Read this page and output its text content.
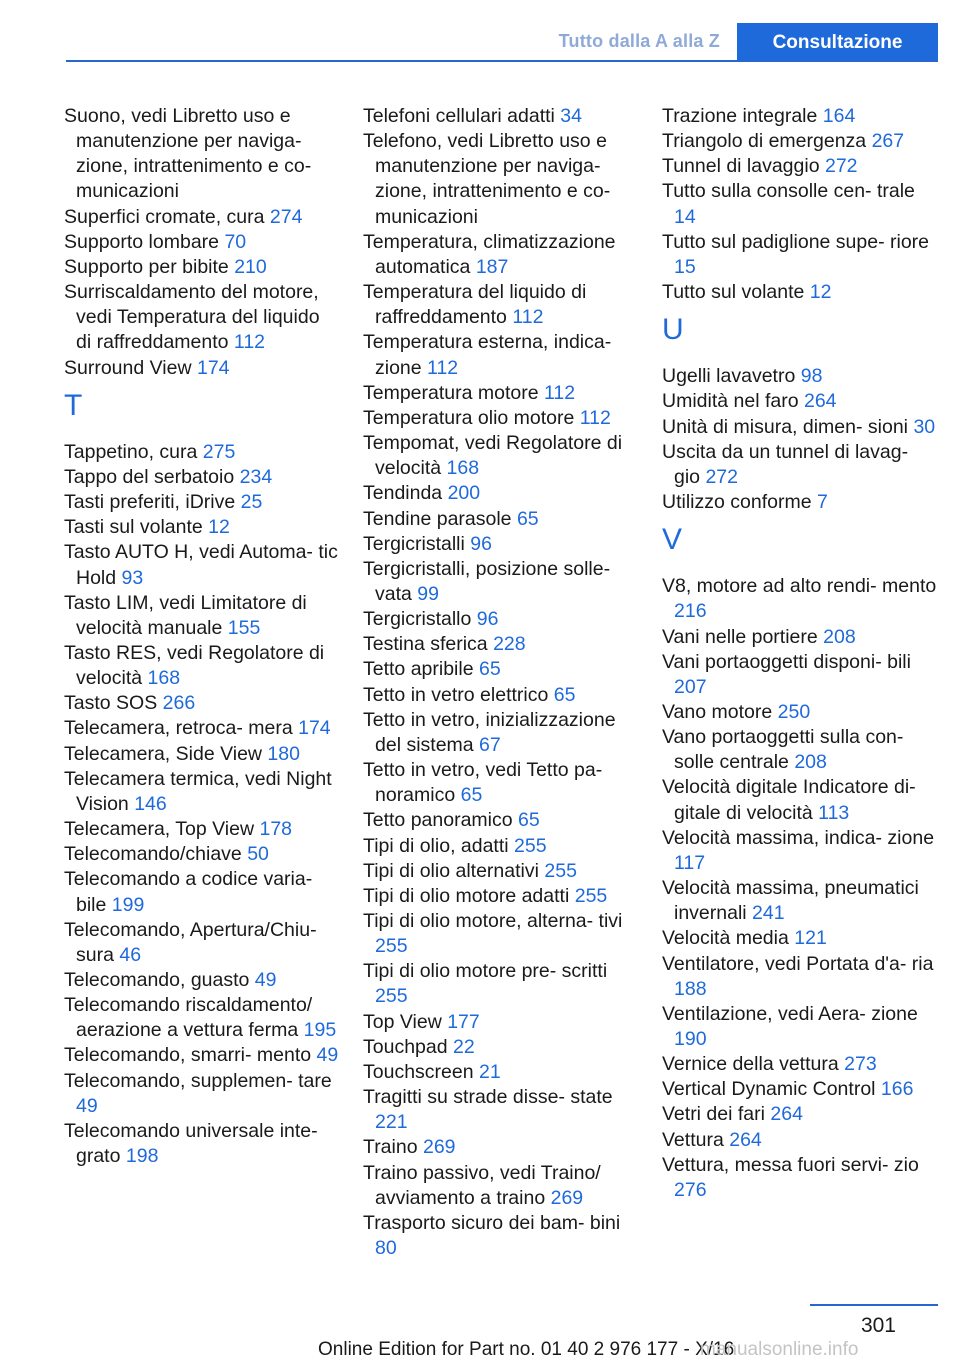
Tutto dalla A alla Z	Consultazione
Suono, vedi Libretto uso e manutenzione per naviga- zione, intrattenimento e co- municazioni
Superfici cromate, cura 274
Supporto lombare 70
Supporto per bibite 210
Surriscaldamento del motore, vedi Temperatura del liquido di raffreddamento 112
Surround View 174
T
Tappetino, cura 275
Tappo del serbatoio 234
Tasti preferiti, iDrive 25
Tasti sul volante 12
Tasto AUTO H, vedi Automa- tic Hold 93
Tasto LIM, vedi Limitatore di velocità manuale 155
Tasto RES, vedi Regolatore di velocità 168
Tasto SOS 266
Telecamera, retroca- mera 174
Telecamera, Side View 180
Telecamera termica, vedi Night Vision 146
Telecamera, Top View 178
Telecomando/chiave 50
Telecomando a codice varia- bile 199
Telecomando, Apertura/Chiu- sura 46
Telecomando, guasto 49
Telecomando riscaldamento/ aerazione a vettura ferma 195
Telecomando, smarri- mento 49
Telecomando, supplemen- tare 49
Telecomando universale inte- grato 198
Telefoni cellulari adatti 34
Telefono, vedi Libretto uso e manutenzione per naviga- zione, intrattenimento e co- municazioni
Temperatura, climatizzazione automatica 187
Temperatura del liquido di raffreddamento 112
Temperatura esterna, indica- zione 112
Temperatura motore 112
Temperatura olio motore 112
Tempomat, vedi Regolatore di velocità 168
Tendinda 200
Tendine parasole 65
Tergicristalli 96
Tergicristalli, posizione solle- vata 99
Tergicristallo 96
Testina sferica 228
Tetto apribile 65
Tetto in vetro elettrico 65
Tetto in vetro, inizializzazione del sistema 67
Tetto in vetro, vedi Tetto pa- noramico 65
Tetto panoramico 65
Tipi di olio, adatti 255
Tipi di olio alternativi 255
Tipi di olio motore adatti 255
Tipi di olio motore, alterna- tivi 255
Tipi di olio motore pre- scritti 255
Top View 177
Touchpad 22
Touchscreen 21
Tragitti su strade disse- state 221
Traino 269
Traino passivo, vedi Traino/ avviamento a traino 269
Trasporto sicuro dei bam- bini 80
Trazione integrale 164
Triangolo di emergenza 267
Tunnel di lavaggio 272
Tutto sulla consolle cen- trale 14
Tutto sul padiglione supe- riore 15
Tutto sul volante 12
U
Ugelli lavavetro 98
Umidità nel faro 264
Unità di misura, dimen- sioni 30
Uscita da un tunnel di lavag- gio 272
Utilizzo conforme 7
V
V8, motore ad alto rendi- mento 216
Vani nelle portiere 208
Vani portaoggetti disponi- bili 207
Vano motore 250
Vano portaoggetti sulla con- solle centrale 208
Velocità digitale Indicatore di- gitale di velocità 113
Velocità massima, indica- zione 117
Velocità massima, pneumatici invernali 241
Velocità media 121
Ventilatore, vedi Portata d'a- ria 188
Ventilazione, vedi Aera- zione 190
Vernice della vettura 273
Vertical Dynamic Control 166
Vetri dei fari 264
Vettura 264
Vettura, messa fuori servi- zio 276
301
Online Edition for Part no. 01 40 2 976 177 - X/16
manualsonline.info
